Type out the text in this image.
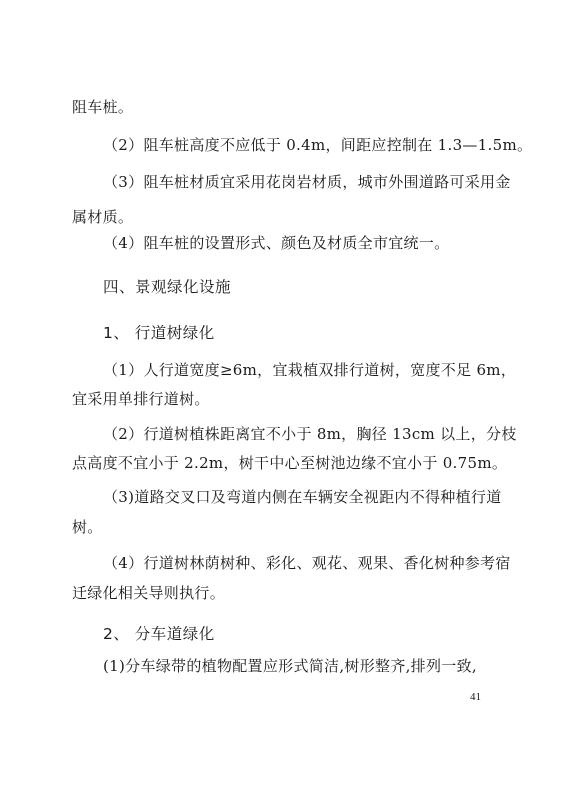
阻车桩。
（2）阻车桩高度不应低于 0.4m，间距应控制在 1.3—1.5m。
（3）阻车桩材质宜采用花岗岩材质，城市外围道路可采用金
属材质。
（4）阻车桩的设置形式、颜色及材质全市宜统一。
四、景观绿化设施
1、 行道树绿化
（1）人行道宽度≥6m，宜栽植双排行道树，宽度不足 6m，
宜采用单排行道树。
（2）行道树植株距离宜不小于 8m，胸径 13cm 以上，分枝
点高度不宜小于 2.2m，树干中心至树池边缘不宜小于 0.75m。
（3)道路交叉口及弯道内侧在车辆安全视距内不得种植行道
树。
（4）行道树林荫树种、彩化、观花、观果、香化树种参考宿
迁绿化相关导则执行。
2、 分车道绿化
(1)分车绿带的植物配置应形式简洁,树形整齐,排列一致,
41
